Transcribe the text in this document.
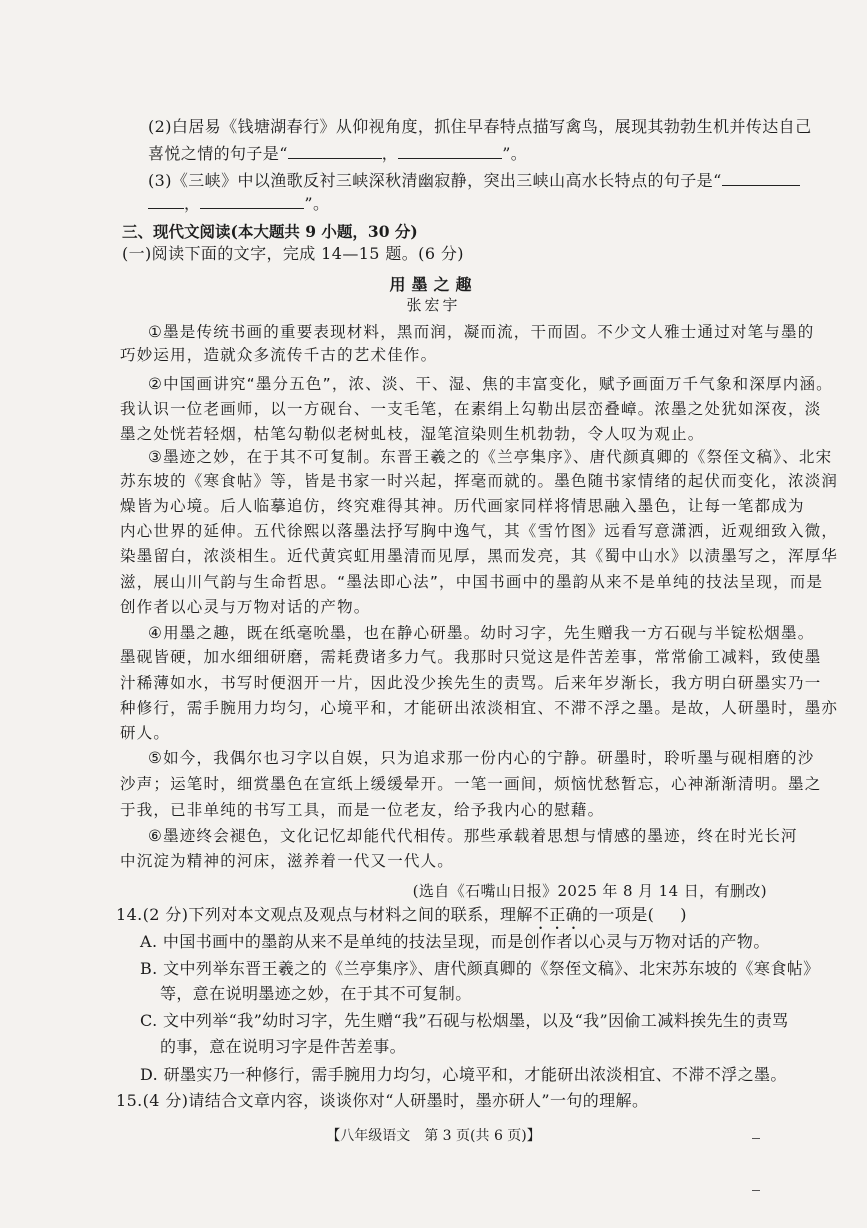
(2)白居易《钱塘湖春行》从仰视角度，抓住早春特点描写禽鸟，展现其勃勃生机并传达自己
喜悦之情的句子是“	，	”。
(3)《三峡》中以渔歌反衬三峡深秋清幽寂静，突出三峡山高水长特点的句子是“
，	”。
三、现代文阅读(本大题共 9 小题，30 分)
(一)阅读下面的文字，完成 14—15 题。(6 分)
用墨之趣
张宏宇
①墨是传统书画的重要表现材料，黑而润，凝而流，干而固。不少文人雅士通过对笔与墨的
巧妙运用，造就众多流传千古的艺术佳作。
②中国画讲究“墨分五色”，浓、淡、干、湿、焦的丰富变化，赋予画面万千气象和深厚内涵。
我认识一位老画师，以一方砚台、一支毛笔，在素绢上勾勒出层峦叠嶂。浓墨之处犹如深夜，淡
墨之处恍若轻烟，枯笔勾勒似老树虬枝，湿笔渲染则生机勃勃，令人叹为观止。
③墨迹之妙，在于其不可复制。东晋王羲之的《兰亭集序》、唐代颜真卿的《祭侄文稿》、北宋
苏东坡的《寒食帖》等，皆是书家一时兴起，挥毫而就的。墨色随书家情绪的起伏而变化，浓淡润
燥皆为心境。后人临摹追仿，终究难得其神。历代画家同样将情思融入墨色，让每一笔都成为
内心世界的延伸。五代徐熙以落墨法抒写胸中逸气，其《雪竹图》远看写意潇洒，近观细致入微，
染墨留白，浓淡相生。近代黄宾虹用墨清而见厚，黑而发亮，其《蜀中山水》以渍墨写之，浑厚华
滋，展山川气韵与生命哲思。“墨法即心法”，中国书画中的墨韵从来不是单纯的技法呈现，而是
创作者以心灵与万物对话的产物。
④用墨之趣，既在纸毫吮墨，也在静心研墨。幼时习字，先生赠我一方石砚与半锭松烟墨。
墨砚皆硬，加水细细研磨，需耗费诸多力气。我那时只觉这是件苦差事，常常偷工减料，致使墨
汁稀薄如水，书写时便洇开一片，因此没少挨先生的责骂。后来年岁渐长，我方明白研墨实乃一
种修行，需手腕用力均匀，心境平和，才能研出浓淡相宜、不滞不浮之墨。是故，人研墨时，墨亦
研人。
⑤如今，我偶尔也习字以自娱，只为追求那一份内心的宁静。研墨时，聆听墨与砚相磨的沙
沙声；运笔时，细赏墨色在宣纸上缓缓晕开。一笔一画间，烦恼忧愁暂忘，心神渐渐清明。墨之
于我，已非单纯的书写工具，而是一位老友，给予我内心的慰藉。
⑥墨迹终会褪色，文化记忆却能代代相传。那些承载着思想与情感的墨迹，终在时光长河
中沉淀为精神的河床，滋养着一代又一代人。
(选自《石嘴山日报》2025 年 8 月 14 日，有删改)
14.(2 分)下列对本文观点及观点与材料之间的联系，理解不正确的一项是( )
A. 中国书画中的墨韵从来不是单纯的技法呈现，而是创作者以心灵与万物对话的产物。
B. 文中列举东晋王羲之的《兰亭集序》、唐代颜真卿的《祭侄文稿》、北宋苏东坡的《寒食帖》
等，意在说明墨迹之妙，在于其不可复制。
C. 文中列举“我”幼时习字，先生赠“我”石砚与松烟墨，以及“我”因偷工减料挨先生的责骂
的事，意在说明习字是件苦差事。
D. 研墨实乃一种修行，需手腕用力均匀，心境平和，才能研出浓淡相宜、不滞不浮之墨。
15.(4 分)请结合文章内容，谈谈你对“人研墨时，墨亦研人”一句的理解。
【八年级语文　第 3 页(共 6 页)】
